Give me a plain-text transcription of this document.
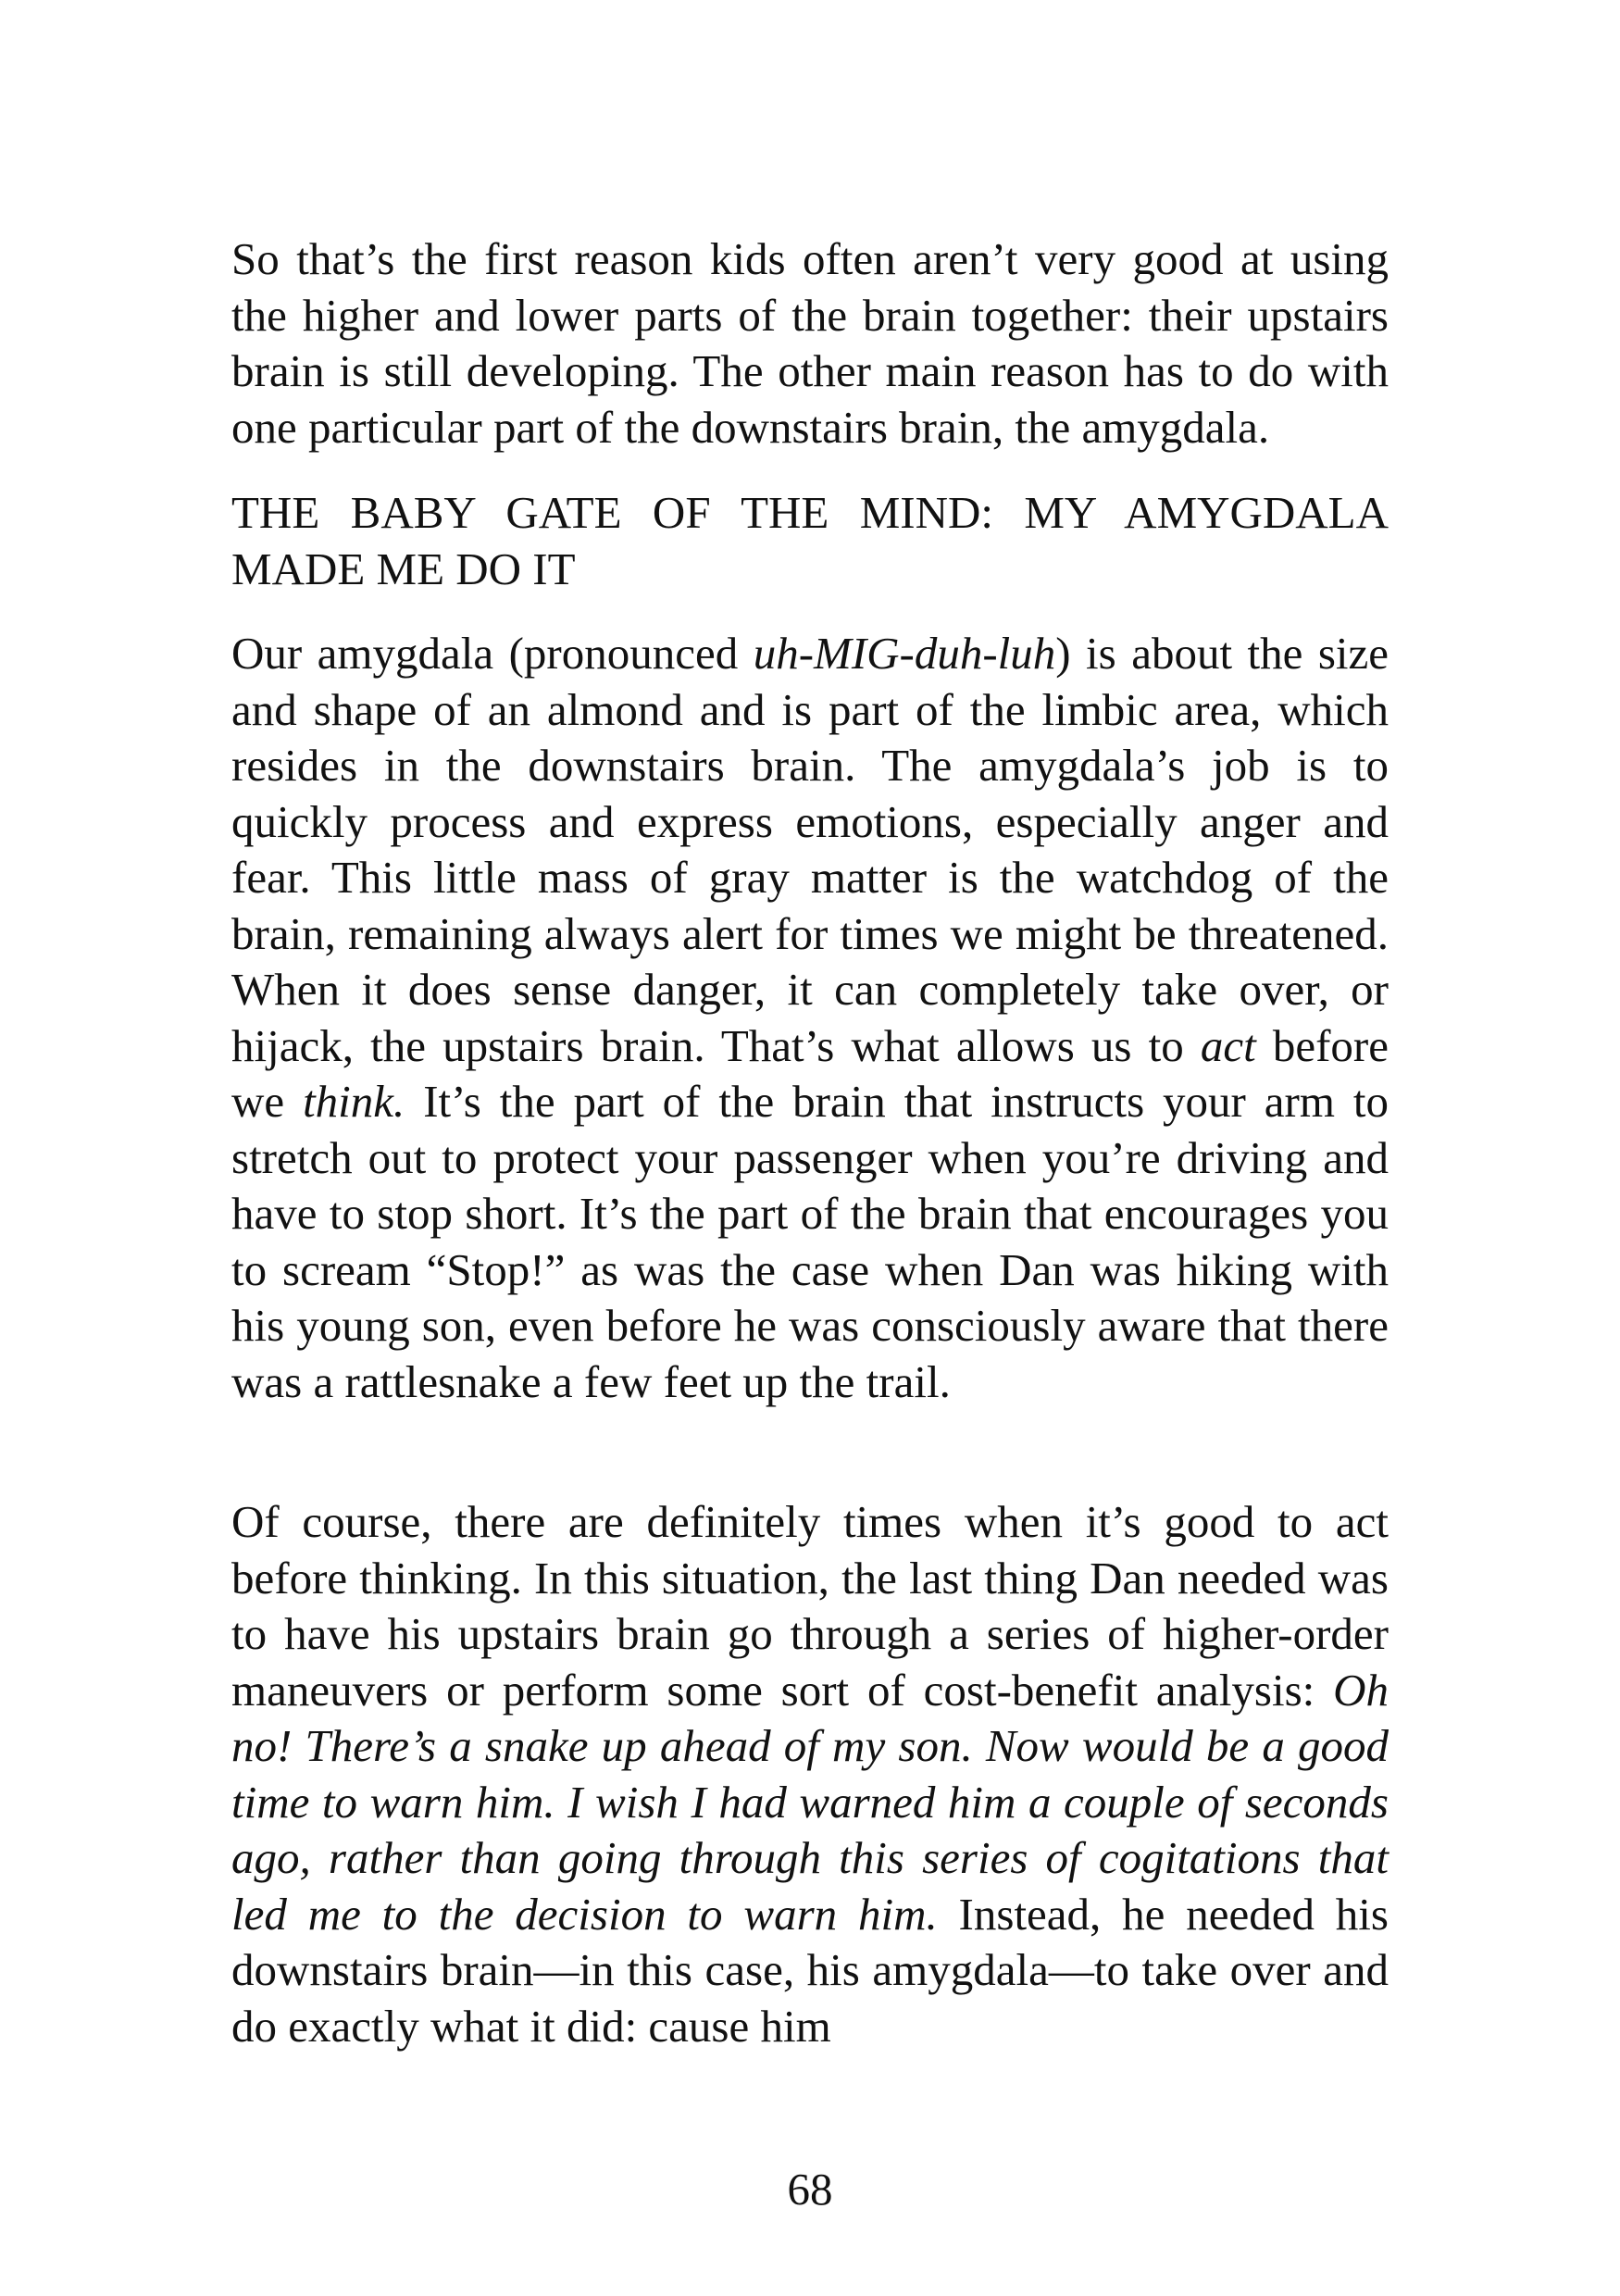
So that’s the first reason kids often aren’t very good at using the higher and lower parts of the brain together: their upstairs brain is still developing. The other main reason has to do with one particular part of the downstairs brain, the amygdala.

THE BABY GATE OF THE MIND: MY AMYGDALA MADE ME DO IT

Our amygdala (pronounced uh-MIG-duh-luh) is about the size and shape of an almond and is part of the limbic area, which resides in the downstairs brain. The amygdala’s job is to quickly process and express emotions, especially anger and fear. This little mass of gray matter is the watchdog of the brain, remaining always alert for times we might be threatened. When it does sense danger, it can completely take over, or hijack, the upstairs brain. That’s what allows us to act before we think. It’s the part of the brain that instructs your arm to stretch out to protect your passenger when you’re driving and have to stop short. It’s the part of the brain that encourages you to scream “Stop!” as was the case when Dan was hiking with his young son, even before he was consciously aware that there was a rattlesnake a few feet up the trail.

Of course, there are definitely times when it’s good to act before thinking. In this situation, the last thing Dan needed was to have his upstairs brain go through a series of higher-order maneuvers or perform some sort of cost-benefit analysis: Oh no! There’s a snake up ahead of my son. Now would be a good time to warn him. I wish I had warned him a couple of seconds ago, rather than going through this series of cogitations that led me to the decision to warn him. Instead, he needed his downstairs brain—in this case, his amygdala—to take over and do exactly what it did: cause him

68
